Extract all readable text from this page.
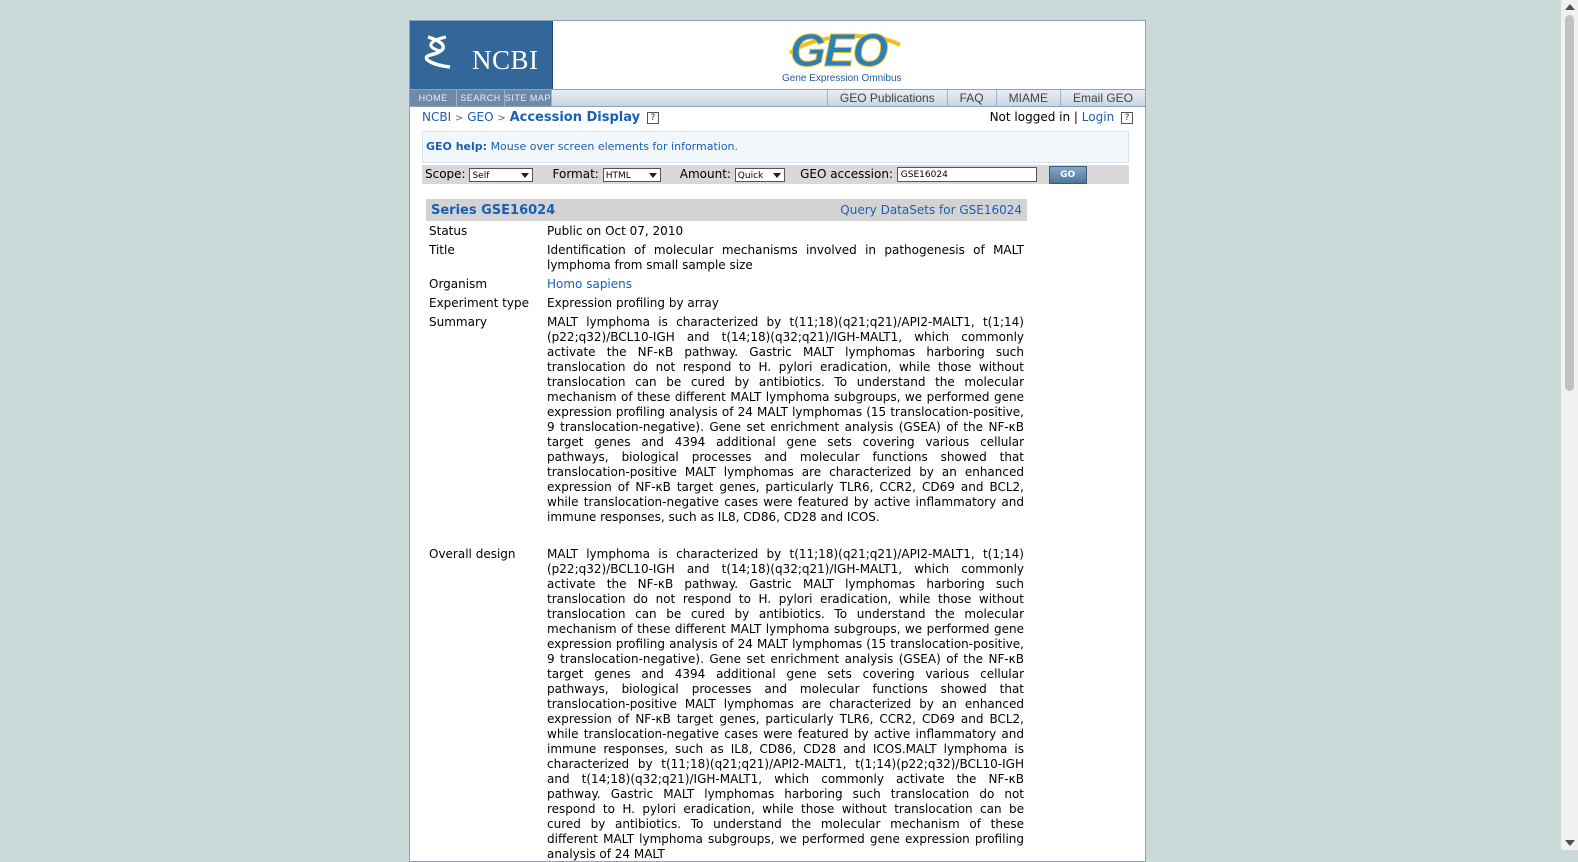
NCBI	GEO
Gene Expression Omnibus
HOME	SEARCH SITE MAP	GEO Publications	FAQ	MIAME	Email GEO
NCBI > GEO > Accession Display ?	Not logged in | Login ?
GEO help: Mouse over screen elements for information.
Scope: Self	Format: HTML	Amount: Quick	GEO accession: GSE16024	GO
Series GSE16024	Query DataSets for GSE16024
Status	Public on Oct 07, 2010
Title	Identification of molecular mechanisms involved in pathogenesis of MALT lymphoma from small sample size
Organism	Homo sapiens
Experiment type	Expression profiling by array
Summary	MALT lymphoma is characterized by t(11;18)(q21;q21)/API2-MALT1, t(1;14)(p22;q32)/BCL10-IGH and t(14;18)(q32;q21)/IGH-MALT1, which commonly activate the NF-κB pathway. Gastric MALT lymphomas harboring such translocation do not respond to H. pylori eradication, while those without translocation can be cured by antibiotics. To understand the molecular mechanism of these different MALT lymphoma subgroups, we performed gene expression profiling analysis of 24 MALT lymphomas (15 translocation-positive, 9 translocation-negative). Gene set enrichment analysis (GSEA) of the NF-κB target genes and 4394 additional gene sets covering various cellular pathways, biological processes and molecular functions showed that translocation-positive MALT lymphomas are characterized by an enhanced expression of NF-κB target genes, particularly TLR6, CCR2, CD69 and BCL2, while translocation-negative cases were featured by active inflammatory and immune responses, such as IL8, CD86, CD28 and ICOS.
Overall design	MALT lymphoma is characterized by t(11;18)(q21;q21)/API2-MALT1, t(1;14)(p22;q32)/BCL10-IGH and t(14;18)(q32;q21)/IGH-MALT1, which commonly activate the NF-κB pathway. Gastric MALT lymphomas harboring such translocation do not respond to H. pylori eradication, while those without translocation can be cured by antibiotics. To understand the molecular mechanism of these different MALT lymphoma subgroups, we performed gene expression profiling analysis of 24 MALT lymphomas (15 translocation-positive, 9 translocation-negative). Gene set enrichment analysis (GSEA) of the NF-κB target genes and 4394 additional gene sets covering various cellular pathways, biological processes and molecular functions showed that translocation-positive MALT lymphomas are characterized by an enhanced expression of NF-κB target genes, particularly TLR6, CCR2, CD69 and BCL2, while translocation-negative cases were featured by active inflammatory and immune responses, such as IL8, CD86, CD28 and ICOS.MALT lymphoma is characterized by t(11;18)(q21;q21)/API2-MALT1, t(1;14)(p22;q32)/BCL10-IGH and t(14;18)(q32;q21)/IGH-MALT1, which commonly activate the NF-κB pathway. Gastric MALT lymphomas harboring such translocation do not respond to H. pylori eradication, while those without translocation can be cured by antibiotics. To understand the molecular mechanism of these different MALT lymphoma subgroups, we performed gene expression profiling analysis of 24 MALT
